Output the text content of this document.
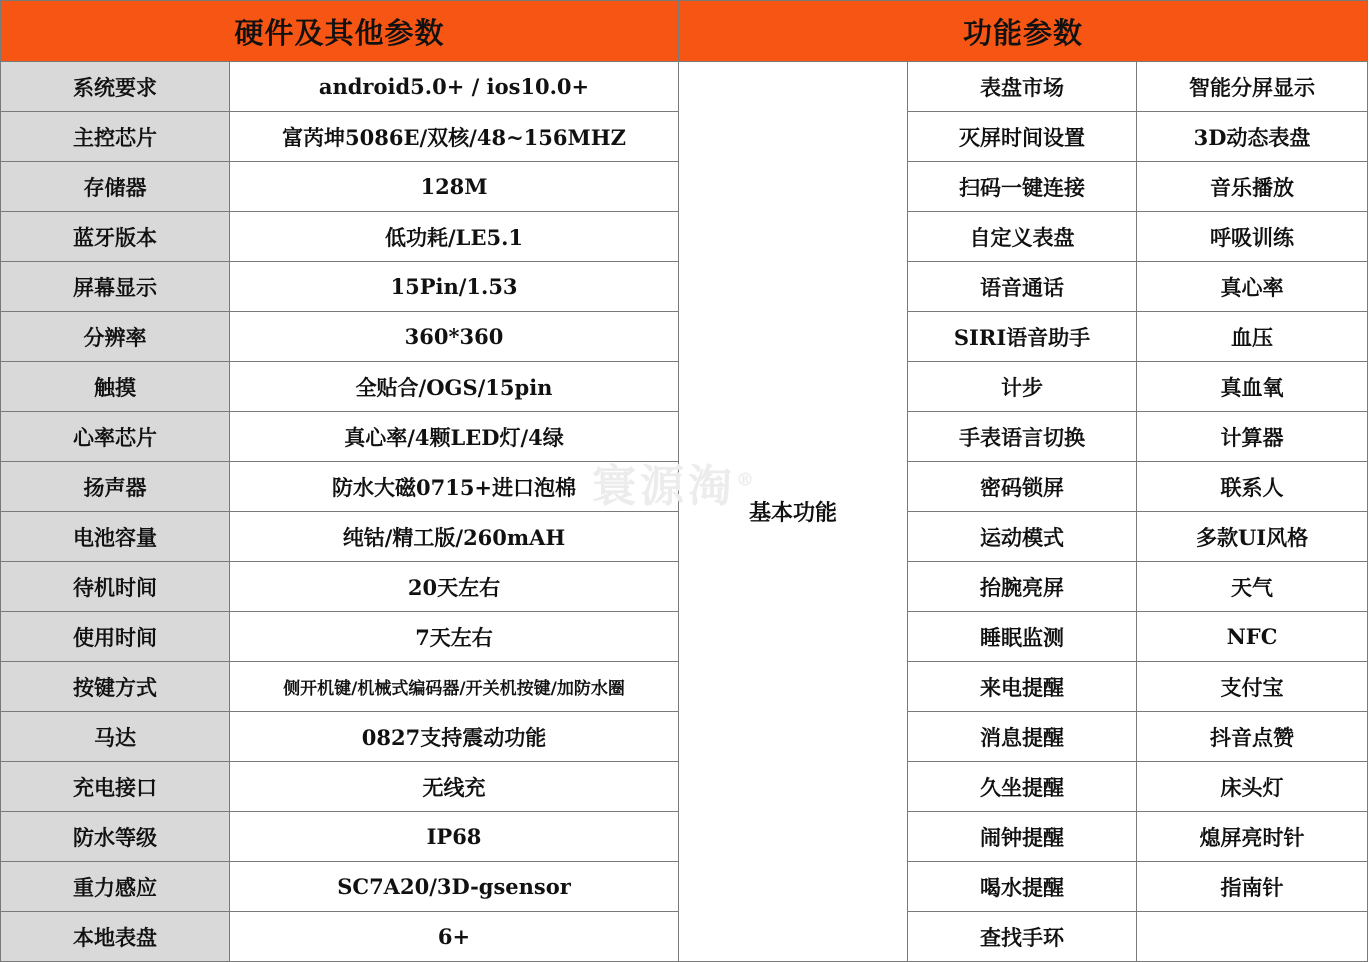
硬件及其他参数		功能参数		
系统要求	android5.0+ / ios10.0+	基本功能	表盘市场	智能分屏显示
主控芯片	富芮坤5086E/双核/48~156MHZ		灭屏时间设置	3D动态表盘
存储器	128M		扫码一键连接	音乐播放
蓝牙版本	低功耗/LE5.1		自定义表盘	呼吸训练
屏幕显示	15Pin/1.53		语音通话	真心率
分辨率	360*360		SIRI语音助手	血压
触摸	全贴合/OGS/15pin		计步	真血氧
心率芯片	真心率/4颗LED灯/4绿		手表语言切换	计算器
扬声器	防水大磁0715+进口泡棉		密码锁屏	联系人
电池容量	纯钴/精工版/260mAH		运动模式	多款UI风格
待机时间	20天左右		抬腕亮屏	天气
使用时间	7天左右		睡眠监测	NFC
按键方式	侧开机键/机械式编码器/开关机按键/加防水圈		来电提醒	支付宝
马达	0827支持震动功能		消息提醒	抖音点赞
充电接口	无线充		久坐提醒	床头灯
防水等级	IP68		闹钟提醒	熄屏亮时针
重力感应	SC7A20/3D-gsensor		喝水提醒	指南针
本地表盘	6+		查找手环	
寰源淘®
